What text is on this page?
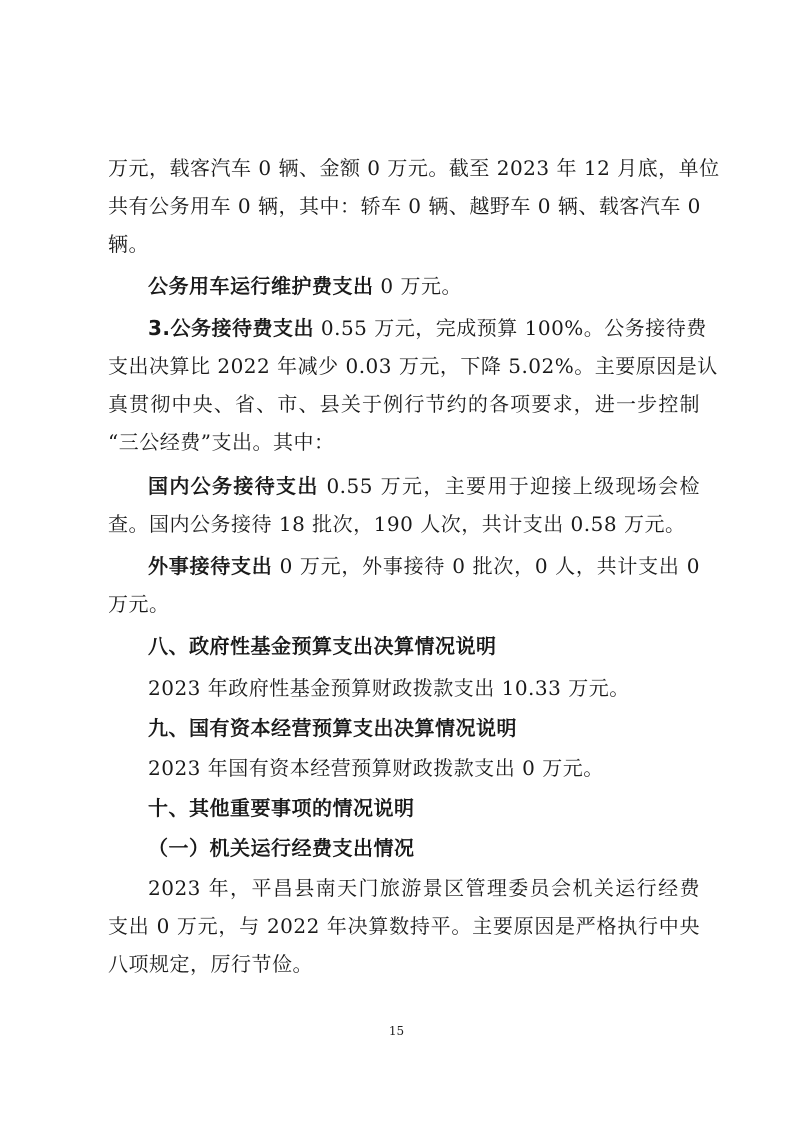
万元，载客汽车 0 辆、金额 0 万元。截至 2023 年 12 月底，单位
共有公务用车 0 辆，其中：轿车 0 辆、越野车 0 辆、载客汽车 0
辆。
公务用车运行维护费支出 0 万元。
3.公务接待费支出 0.55 万元，完成预算 100%。公务接待费
支出决算比 2022 年减少 0.03 万元，下降 5.02%。主要原因是认
真贯彻中央、省、市、县关于例行节约的各项要求，进一步控制
“三公经费”支出。其中：
国内公务接待支出 0.55 万元，主要用于迎接上级现场会检
查。国内公务接待 18 批次，190 人次，共计支出 0.58 万元。
外事接待支出 0 万元，外事接待 0 批次，0 人，共计支出 0
万元。
八、政府性基金预算支出决算情况说明
2023 年政府性基金预算财政拨款支出 10.33 万元。
九、国有资本经营预算支出决算情况说明
2023 年国有资本经营预算财政拨款支出 0 万元。
十、其他重要事项的情况说明
（一）机关运行经费支出情况
2023 年，平昌县南天门旅游景区管理委员会机关运行经费
支出 0 万元，与 2022 年决算数持平。主要原因是严格执行中央
八项规定，厉行节俭。
15
